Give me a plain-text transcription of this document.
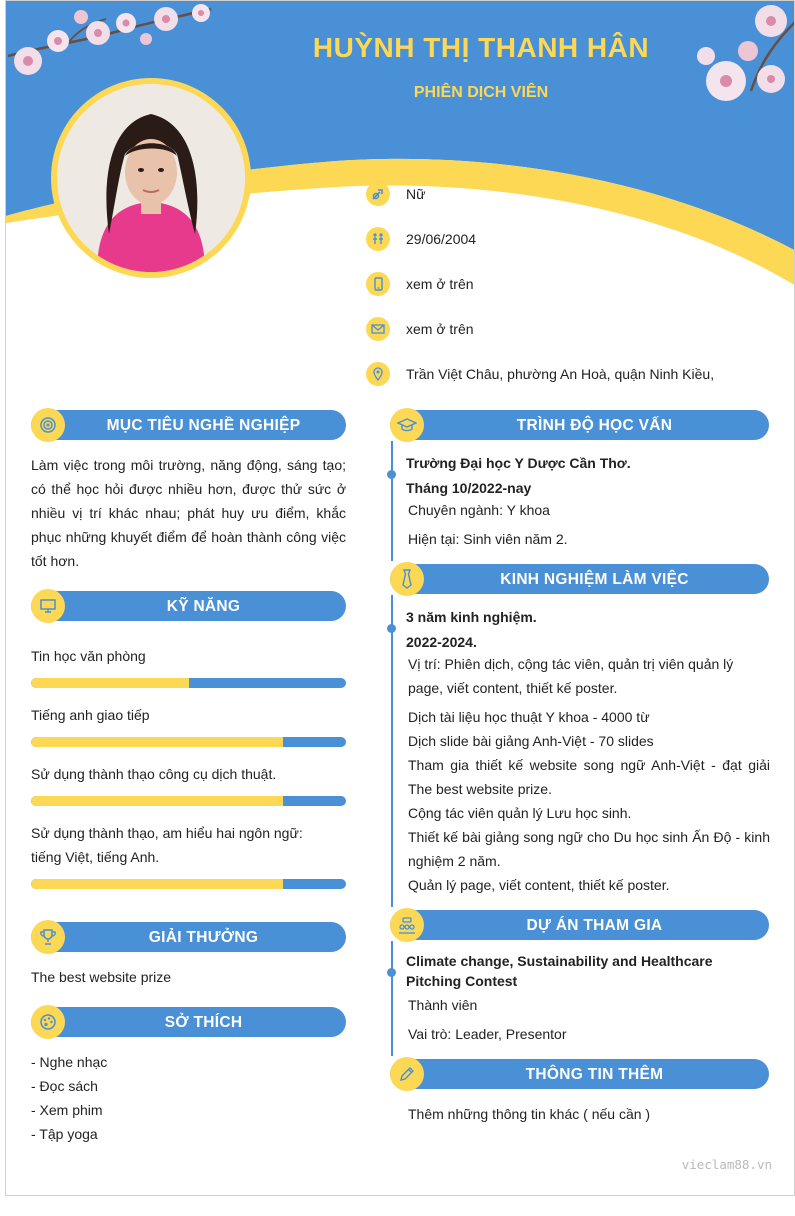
HUỲNH THỊ THANH HÂN
PHIÊN DỊCH VIÊN
Nữ
29/06/2004
xem ở trên
xem ở trên
Trần Việt Châu, phường An Hoà, quận Ninh Kiều,
MỤC TIÊU NGHỀ NGHIỆP
Làm việc trong môi trường, năng động, sáng tạo; có thể học hỏi được nhiều hơn, được thử sức ở nhiều vị trí khác nhau; phát huy ưu điểm, khắc phục những khuyết điểm để hoàn thành công việc tốt hơn.
KỸ NĂNG
Tin học văn phòng
Tiếng anh giao tiếp
Sử dụng thành thạo công cụ dịch thuật.
Sử dụng thành thạo, am hiểu hai ngôn ngữ: tiếng Việt, tiếng Anh.
GIẢI THƯỞNG
The best website prize
SỞ THÍCH
- Nghe nhạc
- Đọc sách
- Xem phim
- Tập yoga
TRÌNH ĐỘ HỌC VẤN
Trường Đại học Y Dược Cần Thơ.
Tháng 10/2022-nay
Chuyên ngành: Y khoa
Hiện tại: Sinh viên năm 2.
KINH NGHIỆM LÀM VIỆC
3 năm kinh nghiệm.
2022-2024.
Vị trí: Phiên dịch, cộng tác viên, quản trị viên quản lý page, viết content, thiết kế poster.
Dịch tài liệu học thuật Y khoa - 4000 từ
Dịch slide bài giảng Anh-Việt - 70 slides
Tham gia thiết kế website song ngữ Anh-Việt - đạt giải The best website prize.
Cộng tác viên quản lý Lưu học sinh.
Thiết kế bài giảng song ngữ cho Du học sinh Ấn Độ - kinh nghiệm 2 năm.
Quản lý page, viết content, thiết kế poster.
DỰ ÁN THAM GIA
Climate change, Sustainability and Healthcare Pitching Contest
Thành viên
Vai trò: Leader, Presentor
THÔNG TIN THÊM
Thêm những thông tin khác ( nếu cần )
vieclam88.vn
